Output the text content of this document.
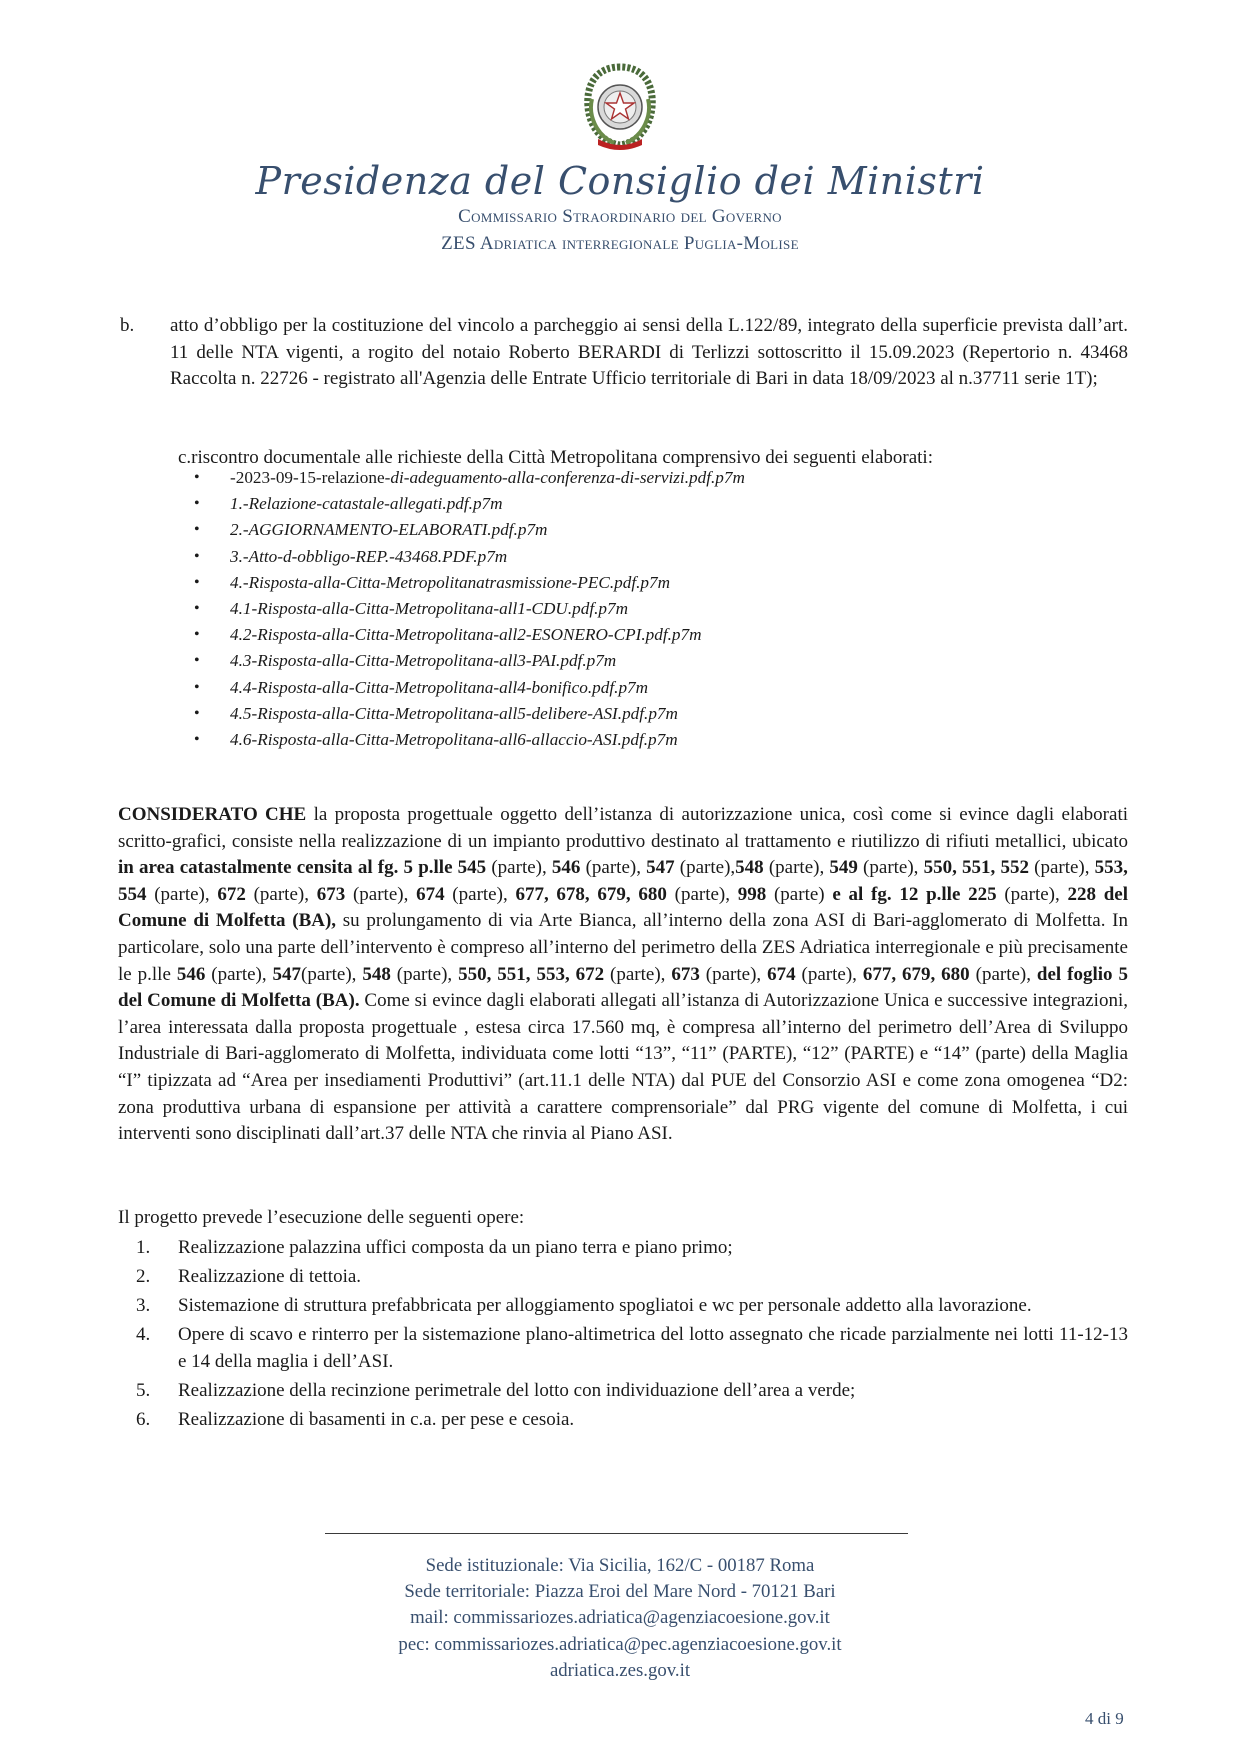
Presidenza del Consiglio dei Ministri
Commissario Straordinario del Governo
ZES Adriatica interregionale Puglia-Molise
b. atto d’obbligo per la costituzione del vincolo a parcheggio ai sensi della L.122/89, integrato della superficie prevista dall’art. 11 delle NTA vigenti, a rogito del notaio Roberto BERARDI di Terlizzi sottoscritto il 15.09.2023 (Repertorio n. 43468 Raccolta n. 22726 - registrato all'Agenzia delle Entrate Ufficio territoriale di Bari in data 18/09/2023 al n.37711 serie 1T);
c.riscontro documentale alle richieste della Città Metropolitana comprensivo dei seguenti elaborati:
• -2023-09-15-relazione-di-adeguamento-alla-conferenza-di-servizi.pdf.p7m
• 1.-Relazione-catastale-allegati.pdf.p7m
• 2.-AGGIORNAMENTO-ELABORATI.pdf.p7m
• 3.-Atto-d-obbligo-REP.-43468.PDF.p7m
• 4.-Risposta-alla-Citta-Metropolitanatrasmissione-PEC.pdf.p7m
• 4.1-Risposta-alla-Citta-Metropolitana-all1-CDU.pdf.p7m
• 4.2-Risposta-alla-Citta-Metropolitana-all2-ESONERO-CPI.pdf.p7m
• 4.3-Risposta-alla-Citta-Metropolitana-all3-PAI.pdf.p7m
• 4.4-Risposta-alla-Citta-Metropolitana-all4-bonifico.pdf.p7m
• 4.5-Risposta-alla-Citta-Metropolitana-all5-delibere-ASI.pdf.p7m
• 4.6-Risposta-alla-Citta-Metropolitana-all6-allaccio-ASI.pdf.p7m
CONSIDERATO CHE la proposta progettuale oggetto dell’istanza di autorizzazione unica, così come si evince dagli elaborati scritto-grafici, consiste nella realizzazione di un impianto produttivo destinato al trattamento e riutilizzo di rifiuti metallici, ubicato in area catastalmente censita al fg. 5 p.lle 545 (parte), 546 (parte), 547 (parte),548 (parte), 549 (parte), 550, 551, 552 (parte), 553, 554 (parte), 672 (parte), 673 (parte), 674 (parte), 677, 678, 679, 680 (parte), 998 (parte) e al fg. 12 p.lle 225 (parte), 228 del Comune di Molfetta (BA), su prolungamento di via Arte Bianca, all’interno della zona ASI di Bari-agglomerato di Molfetta. In particolare, solo una parte dell’intervento è compreso all’interno del perimetro della ZES Adriatica interregionale e più precisamente le p.lle 546 (parte), 547(parte), 548 (parte), 550, 551, 553, 672 (parte), 673 (parte), 674 (parte), 677, 679, 680 (parte), del foglio 5 del Comune di Molfetta (BA). Come si evince dagli elaborati allegati all’istanza di Autorizzazione Unica e successive integrazioni, l’area interessata dalla proposta progettuale , estesa circa 17.560 mq, è compresa all’interno del perimetro dell’Area di Sviluppo Industriale di Bari-agglomerato di Molfetta, individuata come lotti “13”, “11” (PARTE), “12” (PARTE) e “14” (parte) della Maglia “I” tipizzata ad “Area per insediamenti Produttivi” (art.11.1 delle NTA) dal PUE del Consorzio ASI e come zona omogenea “D2: zona produttiva urbana di espansione per attività a carattere comprensoriale” dal PRG vigente del comune di Molfetta, i cui interventi sono disciplinati dall’art.37 delle NTA che rinvia al Piano ASI.
Il progetto prevede l’esecuzione delle seguenti opere:
1. Realizzazione palazzina uffici composta da un piano terra e piano primo;
2. Realizzazione di tettoia.
3. Sistemazione di struttura prefabbricata per alloggiamento spogliatoi e wc per personale addetto alla lavorazione.
4. Opere di scavo e rinterro per la sistemazione plano-altimetrica del lotto assegnato che ricade parzialmente nei lotti 11-12-13 e 14 della maglia i dell’ASI.
5. Realizzazione della recinzione perimetrale del lotto con individuazione dell’area a verde;
6. Realizzazione di basamenti in c.a. per pese e cesoia.
Sede istituzionale: Via Sicilia, 162/C - 00187 Roma
Sede territoriale: Piazza Eroi del Mare Nord - 70121 Bari
mail: commissariozes.adriatica@agenziacoesione.gov.it
pec: commissariozes.adriatica@pec.agenziacoesione.gov.it
adriatica.zes.gov.it
4 di 9
